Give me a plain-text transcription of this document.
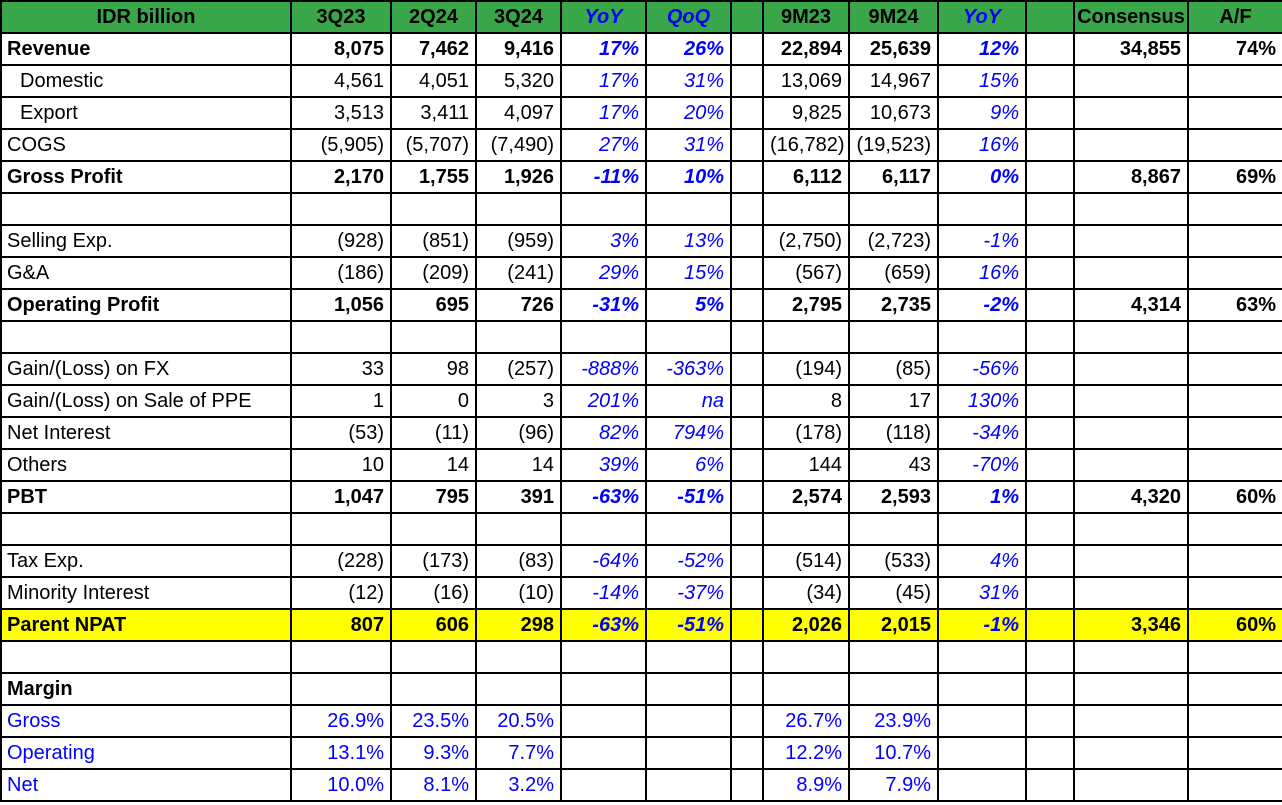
IDR billion	3Q23	2Q24	3Q24	YoY	QoQ		9M23	9M24	YoY		Consensus	A/F
Revenue	8,075	7,462	9,416	17%	26%		22,894	25,639	12%		34,855	74%
Domestic	4,561	4,051	5,320	17%	31%		13,069	14,967	15%			
Export	3,513	3,411	4,097	17%	20%		9,825	10,673	9%			
COGS	(5,905)	(5,707)	(7,490)	27%	31%		(16,782)	(19,523)	16%			
Gross Profit	2,170	1,755	1,926	-11%	10%		6,112	6,117	0%		8,867	69%

Selling Exp.	(928)	(851)	(959)	3%	13%		(2,750)	(2,723)	-1%			
G&A	(186)	(209)	(241)	29%	15%		(567)	(659)	16%			
Operating Profit	1,056	695	726	-31%	5%		2,795	2,735	-2%		4,314	63%

Gain/(Loss) on FX	33	98	(257)	-888%	-363%		(194)	(85)	-56%			
Gain/(Loss) on Sale of PPE	1	0	3	201%	na		8	17	130%			
Net Interest	(53)	(11)	(96)	82%	794%		(178)	(118)	-34%			
Others	10	14	14	39%	6%		144	43	-70%			
PBT	1,047	795	391	-63%	-51%		2,574	2,593	1%		4,320	60%

Tax Exp.	(228)	(173)	(83)	-64%	-52%		(514)	(533)	4%			
Minority Interest	(12)	(16)	(10)	-14%	-37%		(34)	(45)	31%			
Parent NPAT	807	606	298	-63%	-51%		2,026	2,015	-1%		3,346	60%

Margin												
Gross	26.9%	23.5%	20.5%				26.7%	23.9%				
Operating	13.1%	9.3%	7.7%				12.2%	10.7%				
Net	10.0%	8.1%	3.2%				8.9%	7.9%				
